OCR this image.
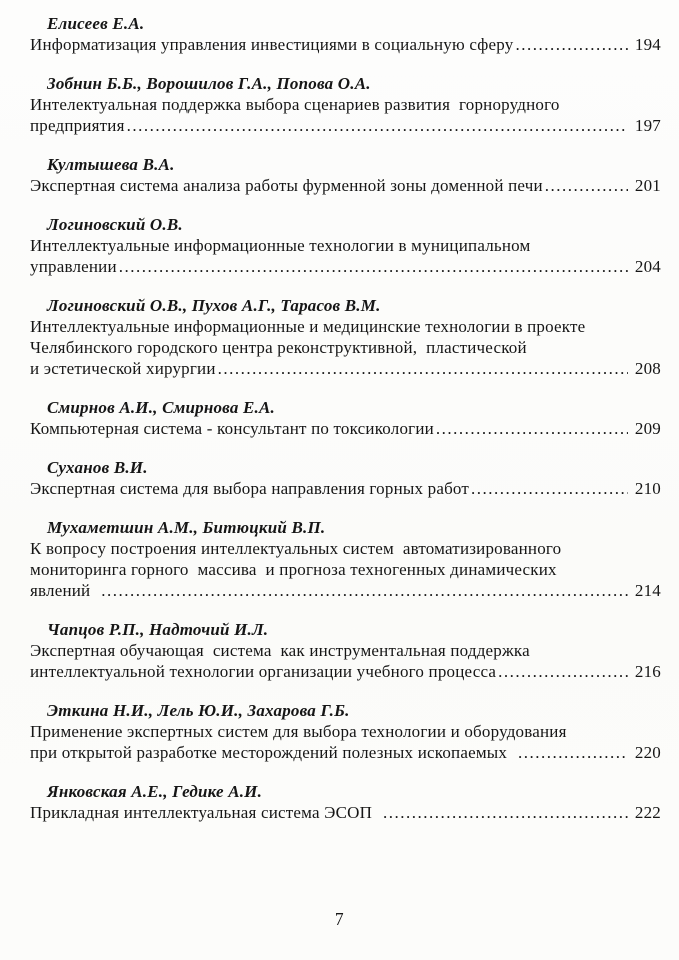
Елисеев Е.А.

Информатизация управления инвестициями в социальную сферу .....	194

Зобнин Б.Б., Ворошилов Г.А., Попова О.А.

Интелектуальная поддержка выбора сценариев развития  горнорудного

предприятия .....	197

Култышева В.А.

Экспертная система анализа работы фурменной зоны доменной печи .....	201

Логиновский О.В.

Интеллектуальные информационные технологии в муниципальном

управлении .....	204

Логиновский О.В., Пухов А.Г., Тарасов В.М.

Интеллектуальные информационные и медицинские технологии в проекте

Челябинского городского центра реконструктивной,  пластической

и эстетической хирургии .....	208

Смирнов А.И., Смирнова Е.А.

Компьютерная система - консультант по токсикологии .....	209

Суханов В.И.

Экспертная система для выбора направления горных работ .....	210

Мухаметшин А.М., Битюцкий В.П.

К вопросу построения интеллектуальных систем  автоматизированного

мониторинга горного  массива  и прогноза техногенных динамических

явлений .....	214

Чапцов Р.П., Надточий И.Л.

Экспертная обучающая  система  как инструментальная поддержка

интеллектуальной технологии организации учебного процесса .....	216

Эткина Н.И., Лель Ю.И., Захарова Г.Б.

Применение экспертных систем для выбора технологии и оборудования

при открытой разработке месторождений полезных ископаемых .....	220

Янковская А.Е., Гедике А.И.

Прикладная интеллектуальная система ЭСОП .....	222

7
